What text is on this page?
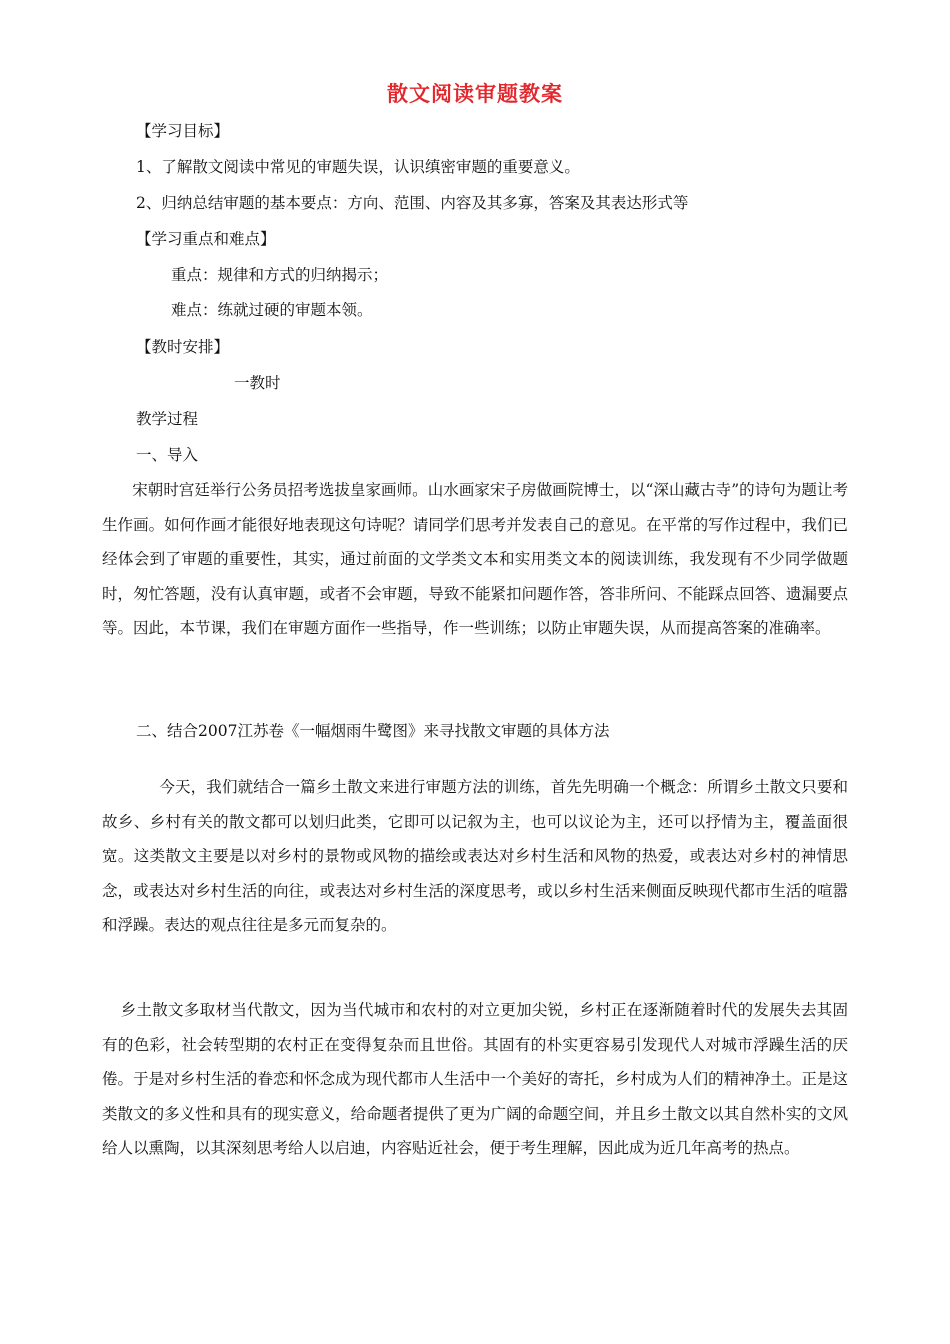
散文阅读审题教案
【学习目标】
1、了解散文阅读中常见的审题失误，认识缜密审题的重要意义。
2、归纳总结审题的基本要点：方向、范围、内容及其多寡，答案及其表达形式等
【学习重点和难点】
重点：规律和方式的归纳揭示；
难点：练就过硬的审题本领。
【教时安排】
一教时
教学过程
一、导入

宋朝时宫廷举行公务员招考选拔皇家画师。山水画家宋子房做画院博士，以“深山藏古寺”的诗句为题让考生作画。如何作画才能很好地表现这句诗呢？请同学们思考并发表自己的意见。在平常的写作过程中，我们已经体会到了审题的重要性，其实，通过前面的文学类文本和实用类文本的阅读训练，我发现有不少同学做题时，匆忙答题，没有认真审题，或者不会审题，导致不能紧扣问题作答，答非所问、不能踩点回答、遗漏要点等。因此，本节课，我们在审题方面作一些指导，作一些训练；以防止审题失误，从而提高答案的准确率。

二、结合2007江苏卷《一幅烟雨牛鹭图》来寻找散文审题的具体方法

今天，我们就结合一篇乡土散文来进行审题方法的训练，首先先明确一个概念：所谓乡土散文只要和故乡、乡村有关的散文都可以划归此类，它即可以记叙为主，也可以议论为主，还可以抒情为主，覆盖面很宽。这类散文主要是以对乡村的景物或风物的描绘或表达对乡村生活和风物的热爱，或表达对乡村的神情思念，或表达对乡村生活的向往，或表达对乡村生活的深度思考，或以乡村生活来侧面反映现代都市生活的喧嚣和浮躁。表达的观点往往是多元而复杂的。

乡土散文多取材当代散文，因为当代城市和农村的对立更加尖锐，乡村正在逐渐随着时代的发展失去其固有的色彩，社会转型期的农村正在变得复杂而且世俗。其固有的朴实更容易引发现代人对城市浮躁生活的厌倦。于是对乡村生活的眷恋和怀念成为现代都市人生活中一个美好的寄托，乡村成为人们的精神净土。正是这类散文的多义性和具有的现实意义，给命题者提供了更为广阔的命题空间，并且乡土散文以其自然朴实的文风给人以熏陶，以其深刻思考给人以启迪，内容贴近社会，便于考生理解，因此成为近几年高考的热点。
